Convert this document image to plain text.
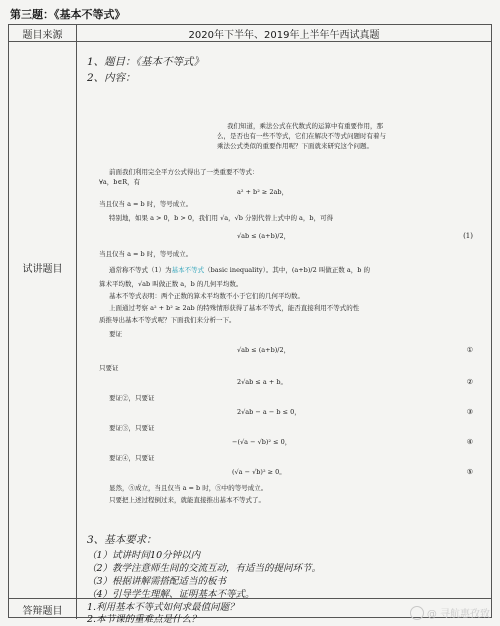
第三题：《基本不等式》
题目来源	2020年下半年、2019年上半年午西试真题
试讲题目
1、题目：《基本不等式》
2、内容：
我们知道，乘法公式在代数式的运算中有重要作用，那
么，是否也有一些不等式，它们在解决不等式问题时有着与
乘法公式类似的重要作用呢？下面就来研究这个问题。
前面我们利用完全平方公式得出了一类重要不等式：
∀a，b∈R，有
a² + b² ≥ 2ab，
当且仅当 a = b 时，等号成立。
特别地，如果 a > 0，b > 0，我们用 √a，√b 分别代替上式中的 a，b，可得
√ab ≤ (a+b)/2，	(1)
当且仅当 a = b 时，等号成立。
通常称不等式（1）为基本不等式（basic inequality）。其中，(a+b)/2 叫做正数 a，b 的
算术平均数，√ab 叫做正数 a，b 的几何平均数。
基本不等式表明：两个正数的算术平均数不小于它们的几何平均数。
上面通过考察 a² + b² ≥ 2ab 的特殊情形获得了基本不等式，能否直接利用不等式的性
质推导出基本不等式呢？下面我们来分析一下。
要证
√ab ≤ (a+b)/2，	①
只要证
2√ab ≤ a + b。	②
要证②，只要证
2√ab − a − b ≤ 0，	③
要证③，只要证
−(√a − √b)² ≤ 0，	④
要证④，只要证
(√a − √b)² ≥ 0。	⑤
显然，⑤成立，当且仅当 a = b 时，⑤中的等号成立。
只要把上述过程倒过来，就能直接推出基本不等式了。
3、基本要求：
（1）试讲时间10分钟以内
（2）教学注意师生间的交流互动，有适当的提问环节。
（3）根据讲解需搭配适当的板书
（4）引导学生理解、证明基本不等式。
答辩题目	1.利用基本不等式如何求最值问题？
2.本节课的重难点是什么？	@ 寻航惠孜致
